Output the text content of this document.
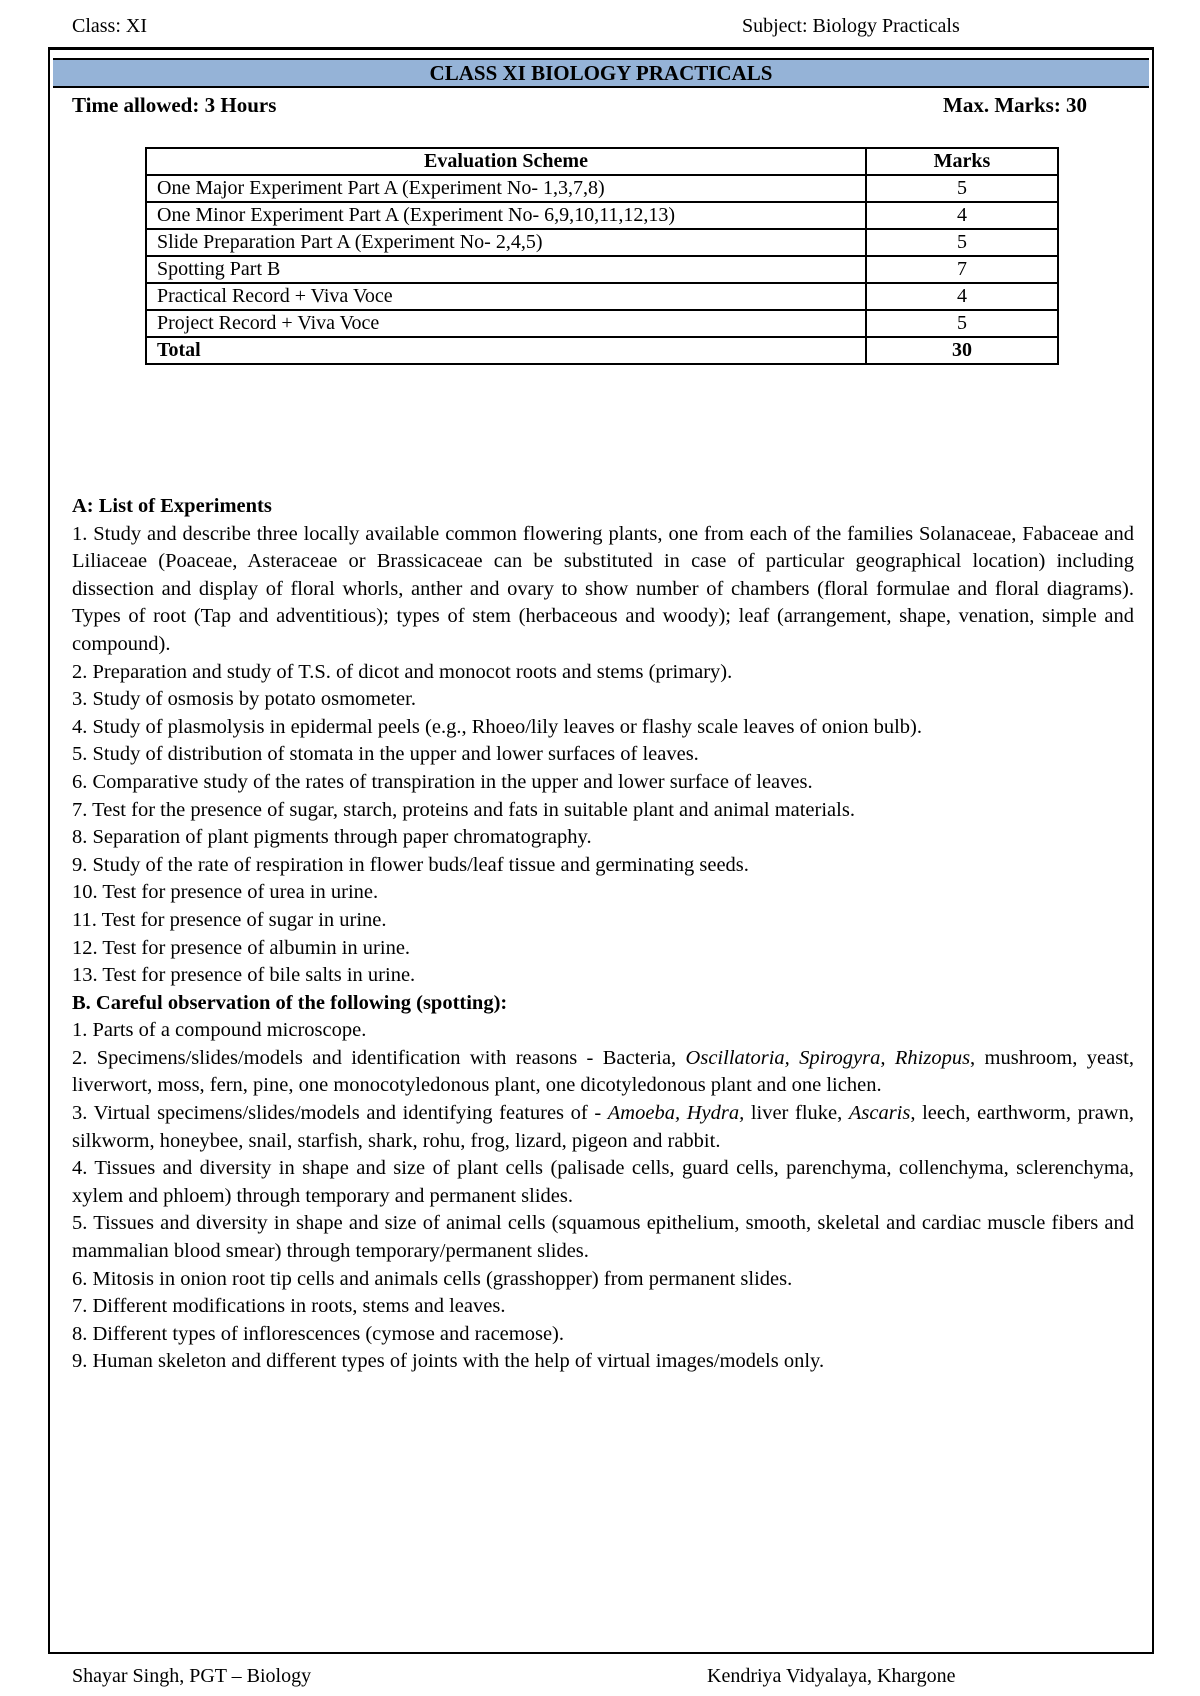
Class: XI	Subject: Biology Practicals
CLASS XI BIOLOGY PRACTICALS
Time allowed: 3 Hours	Max. Marks: 30
Evaluation Scheme	Marks
One Major Experiment Part A (Experiment No- 1,3,7,8)	5
One Minor Experiment Part A (Experiment No- 6,9,10,11,12,13)	4
Slide Preparation Part A (Experiment No- 2,4,5)	5
Spotting Part B	7
Practical Record + Viva Voce	4
Project Record + Viva Voce	5
Total	30

A: List of Experiments

1. Study and describe three locally available common flowering plants, one from each of the families Solanaceae, Fabaceae and Liliaceae (Poaceae, Asteraceae or Brassicaceae can be substituted in case of particular geographical location) including dissection and display of floral whorls, anther and ovary to show number of chambers (floral formulae and floral diagrams). Types of root (Tap and adventitious); types of stem (herbaceous and woody); leaf (arrangement, shape, venation, simple and compound).

2. Preparation and study of T.S. of dicot and monocot roots and stems (primary).

3. Study of osmosis by potato osmometer.

4. Study of plasmolysis in epidermal peels (e.g., Rhoeo/lily leaves or flashy scale leaves of onion bulb).

5. Study of distribution of stomata in the upper and lower surfaces of leaves.

6. Comparative study of the rates of transpiration in the upper and lower surface of leaves.

7. Test for the presence of sugar, starch, proteins and fats in suitable plant and animal materials.

8. Separation of plant pigments through paper chromatography.

9. Study of the rate of respiration in flower buds/leaf tissue and germinating seeds.

10. Test for presence of urea in urine.

11. Test for presence of sugar in urine.

12. Test for presence of albumin in urine.

13. Test for presence of bile salts in urine.

B. Careful observation of the following (spotting):

1. Parts of a compound microscope.

2. Specimens/slides/models and identification with reasons - Bacteria, Oscillatoria, Spirogyra, Rhizopus, mushroom, yeast, liverwort, moss, fern, pine, one monocotyledonous plant, one dicotyledonous plant and one lichen.

3. Virtual specimens/slides/models and identifying features of - Amoeba, Hydra, liver fluke, Ascaris, leech, earthworm, prawn, silkworm, honeybee, snail, starfish, shark, rohu, frog, lizard, pigeon and rabbit.

4. Tissues and diversity in shape and size of plant cells (palisade cells, guard cells, parenchyma, collenchyma, sclerenchyma, xylem and phloem) through temporary and permanent slides.

5. Tissues and diversity in shape and size of animal cells (squamous epithelium, smooth, skeletal and cardiac muscle fibers and mammalian blood smear) through temporary/permanent slides.

6. Mitosis in onion root tip cells and animals cells (grasshopper) from permanent slides.

7. Different modifications in roots, stems and leaves.

8. Different types of inflorescences (cymose and racemose).

9. Human skeleton and different types of joints with the help of virtual images/models only.

Shayar Singh, PGT – Biology	Kendriya Vidyalaya, Khargone
